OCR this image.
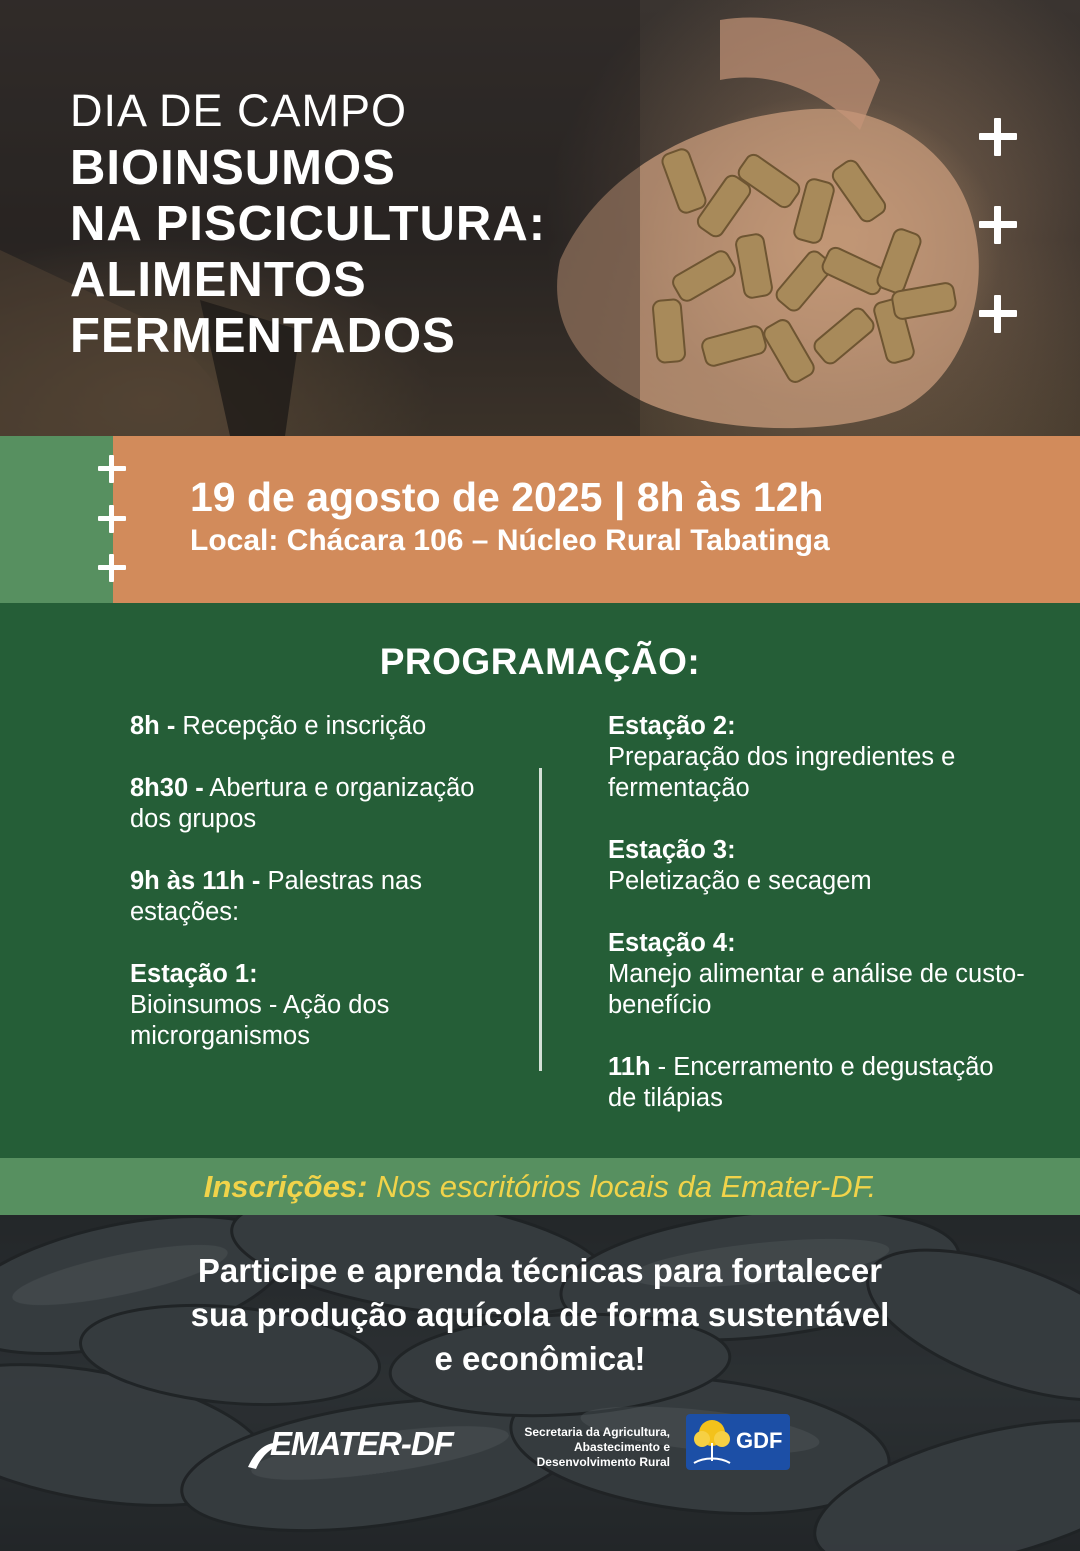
DIA DE CAMPO
BIOINSUMOS
NA PISCICULTURA:
ALIMENTOS
FERMENTADOS
19 de agosto de 2025 | 8h às 12h
Local: Chácara 106 – Núcleo Rural Tabatinga
PROGRAMAÇÃO:
8h - Recepção e inscrição
8h30 - Abertura e organização dos grupos
9h às 11h - Palestras nas estações:
Estação 1:
Bioinsumos - Ação dos microrganismos
Estação 2:
Preparação dos ingredientes e fermentação
Estação 3:
Peletização e secagem
Estação 4:
Manejo alimentar e análise de custo-benefício
11h - Encerramento e degustação de tilápias
Inscrições: Nos escritórios locais da Emater-DF.
Participe e aprenda técnicas para fortalecer
sua produção aquícola de forma sustentável
e econômica!
EMATER-DF	Secretaria da Agricultura,
Abastecimento e
Desenvolvimento Rural
GDF
